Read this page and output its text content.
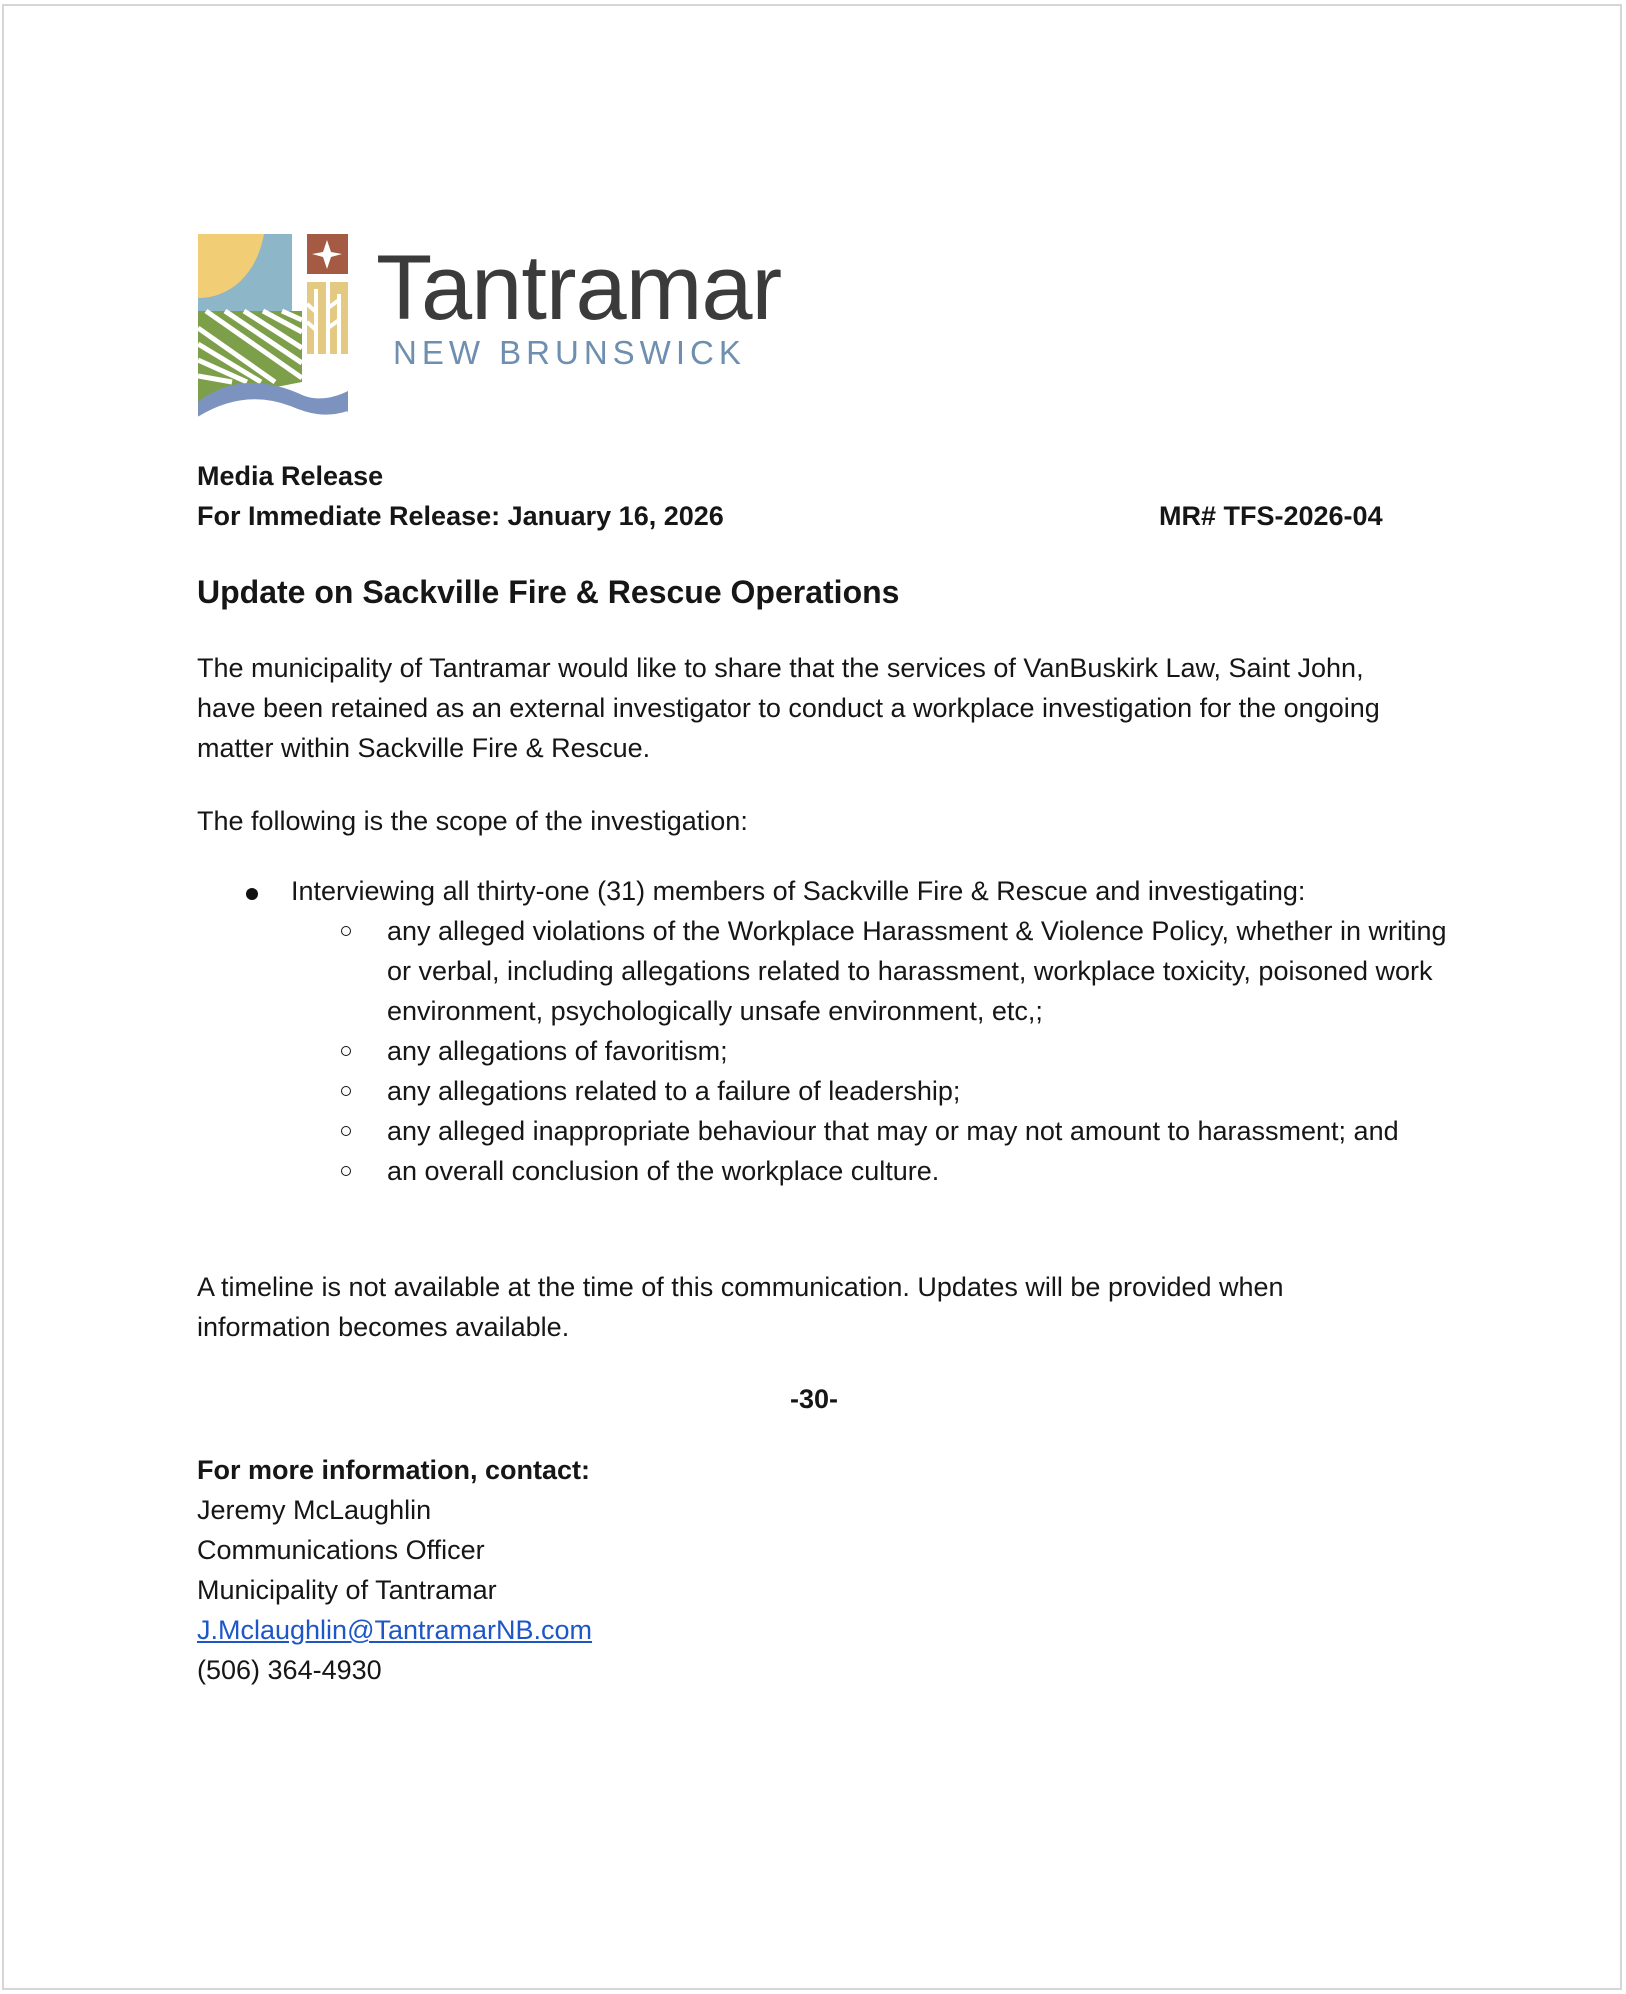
Tantramar
NEW BRUNSWICK
Media Release
For Immediate Release: January 16, 2026	MR# TFS-2026-04
Update on Sackville Fire & Rescue Operations
The municipality of Tantramar would like to share that the services of VanBuskirk Law, Saint John, have been retained as an external investigator to conduct a workplace investigation for the ongoing matter within Sackville Fire & Rescue.
The following is the scope of the investigation:
Interviewing all thirty-one (31) members of Sackville Fire & Rescue and investigating:
any alleged violations of the Workplace Harassment & Violence Policy, whether in writing or verbal, including allegations related to harassment, workplace toxicity, poisoned work environment, psychologically unsafe environment, etc,;
any allegations of favoritism;
any allegations related to a failure of leadership;
any alleged inappropriate behaviour that may or may not amount to harassment; and
an overall conclusion of the workplace culture.
A timeline is not available at the time of this communication. Updates will be provided when information becomes available.
-30-
For more information, contact:
Jeremy McLaughlin
Communications Officer
Municipality of Tantramar
J.Mclaughlin@TantramarNB.com
(506) 364-4930
